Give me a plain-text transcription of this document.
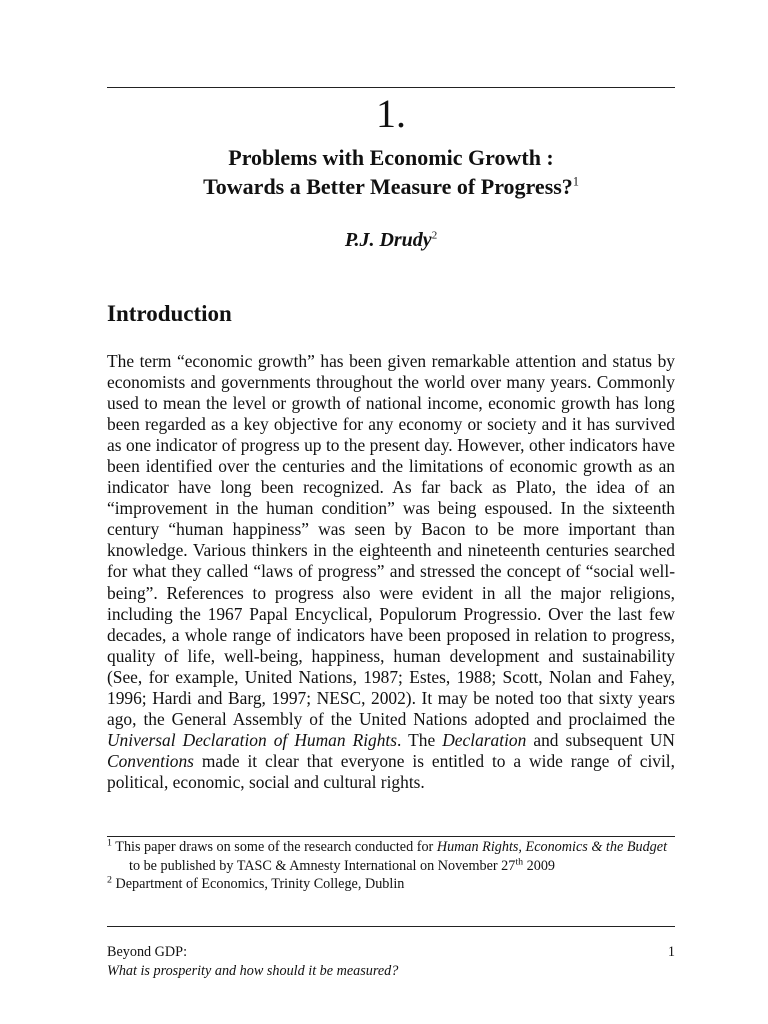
1.
Problems with Economic Growth :
Towards a Better Measure of Progress?$^1$
P.J. Drudy$^2$
Introduction

The term “economic growth” has been given remarkable attention and status by economists and governments throughout the world over many years. Commonly used to mean the level or growth of national income, economic growth has long been regarded as a key objective for any economy or society and it has survived as one indicator of progress up to the present day. However, other indicators have been identified over the centuries and the limitations of economic growth as an indicator have long been recognized. As far back as Plato, the idea of an “improvement in the human condition” was being espoused. In the sixteenth century “human happiness” was seen by Bacon to be more important than knowledge. Various thinkers in the eighteenth and nineteenth centuries searched for what they called “laws of progress” and stressed the concept of “social well-being”. References to progress also were evident in all the major religions, including the 1967 Papal Encyclical, Populorum Progressio. Over the last few decades, a whole range of indicators have been proposed in relation to progress, quality of life, well-being, happiness, human development and sustainability (See, for example, United Nations, 1987; Estes, 1988; Scott, Nolan and Fahey, 1996; Hardi and Barg, 1997; NESC, 2002). It may be noted too that sixty years ago, the General Assembly of the United Nations adopted and proclaimed the Universal Declaration of Human Rights. The Declaration and subsequent UN Conventions made it clear that everyone is entitled to a wide range of civil, political, economic, social and cultural rights.

$^1$ This paper draws on some of the research conducted for Human Rights, Economics & the Budget to be published by TASC & Amnesty International on November 27th 2009

$^2$ Department of Economics, Trinity College, Dublin

Beyond GDP:
What is prosperity and how should it be measured?
1
